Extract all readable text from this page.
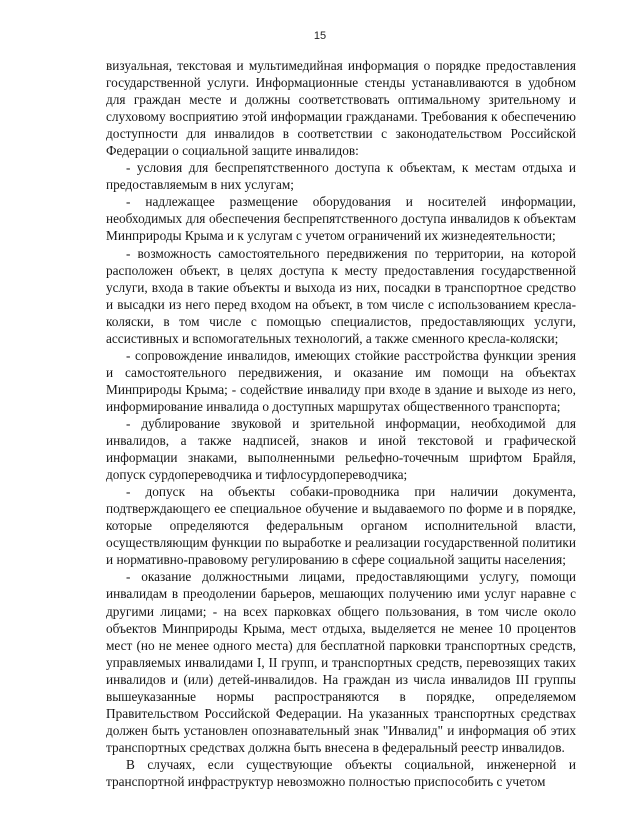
15

визуальная, текстовая и мультимедийная информация о порядке предоставления государственной услуги. Информационные стенды устанавливаются в удобном для граждан месте и должны соответствовать оптимальному зрительному и слуховому восприятию этой информации гражданами. Требования к обеспечению доступности для инвалидов в соответствии с законодательством Российской Федерации о социальной защите инвалидов:

- условия для беспрепятственного доступа к объектам, к местам отдыха и предоставляемым в них услугам;

- надлежащее размещение оборудования и носителей информации, необходимых для обеспечения беспрепятственного доступа инвалидов к объектам Минприроды Крыма и к услугам с учетом ограничений их жизнедеятельности;

- возможность самостоятельного передвижения по территории, на которой расположен объект, в целях доступа к месту предоставления государственной услуги, входа в такие объекты и выхода из них, посадки в транспортное средство и высадки из него перед входом на объект, в том числе с использованием кресла-коляски, в том числе с помощью специалистов, предоставляющих услуги, ассистивных и вспомогательных технологий, а также сменного кресла-коляски;

- сопровождение инвалидов, имеющих стойкие расстройства функции зрения и самостоятельного передвижения, и оказание им помощи на объектах Минприроды Крыма; - содействие инвалиду при входе в здание и выходе из него, информирование инвалида о доступных маршрутах общественного транспорта;

- дублирование звуковой и зрительной информации, необходимой для инвалидов, а также надписей, знаков и иной текстовой и графической информации знаками, выполненными рельефно-точечным шрифтом Брайля, допуск сурдопереводчика и тифлосурдопереводчика;

- допуск на объекты собаки-проводника при наличии документа, подтверждающего ее специальное обучение и выдаваемого по форме и в порядке, которые определяются федеральным органом исполнительной власти, осуществляющим функции по выработке и реализации государственной политики и нормативно-правовому регулированию в сфере социальной защиты населения;

- оказание должностными лицами, предоставляющими услугу, помощи инвалидам в преодолении барьеров, мешающих получению ими услуг наравне с другими лицами; - на всех парковках общего пользования, в том числе около объектов Минприроды Крыма, мест отдыха, выделяется не менее 10 процентов мест (но не менее одного места) для бесплатной парковки транспортных средств, управляемых инвалидами I, II групп, и транспортных средств, перевозящих таких инвалидов и (или) детей-инвалидов. На граждан из числа инвалидов III группы вышеуказанные нормы распространяются в порядке, определяемом Правительством Российской Федерации. На указанных транспортных средствах должен быть установлен опознавательный знак "Инвалид" и информация об этих транспортных средствах должна быть внесена в федеральный реестр инвалидов.

В случаях, если существующие объекты социальной, инженерной и транспортной инфраструктур невозможно полностью приспособить с учетом
